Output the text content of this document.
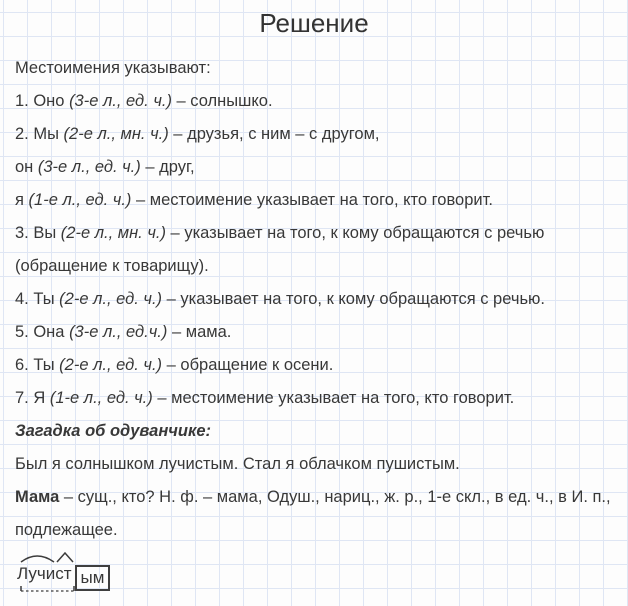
Решение

Местоимения указывают:

1. Оно (3-е л., ед. ч.) – солнышко.

2. Мы (2-е л., мн. ч.) – друзья, с ним – с другом,

он (3-е л., ед. ч.) – друг,

я (1-е л., ед. ч.) – местоимение указывает на того, кто говорит.

3. Вы (2-е л., мн. ч.) – указывает на того, к кому обращаются с речью

(обращение к товарищу).

4. Ты (2-е л., ед. ч.) – указывает на того, к кому обращаются с речью.

5. Она (3-е л., ед.ч.) – мама.

6. Ты (2-е л., ед. ч.) – обращение к осени.

7. Я (1-е л., ед. ч.) – местоимение указывает на того, кто говорит.

Загадка об одуванчике:

Был я солнышком лучистым. Стал я облачком пушистым.

Мама – сущ., кто? Н. ф. – мама, Одуш., нариц., ж. р., 1-е скл., в ед. ч., в И. п.,

подлежащее.

Лучист ым
